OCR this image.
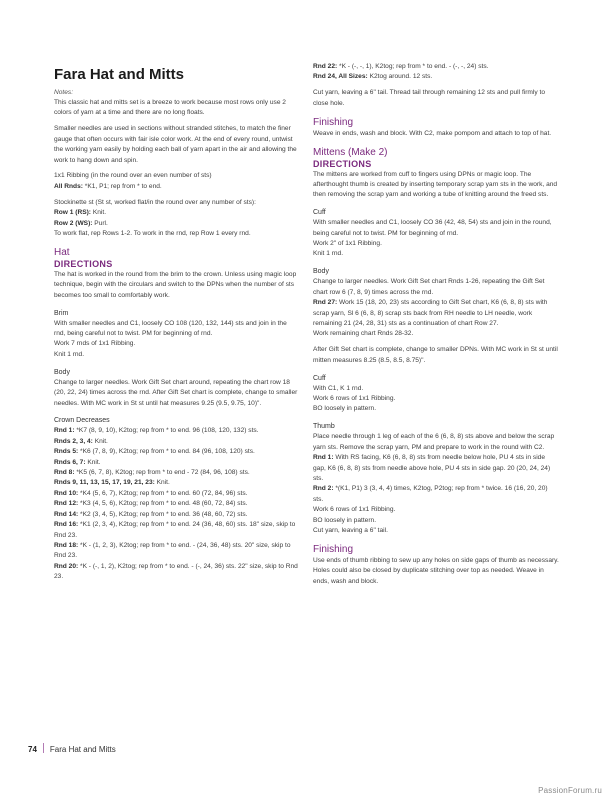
Fara Hat and Mitts
Notes:

This classic hat and mitts set is a breeze to work because most rows only use 2 colors of yarn at a time and there are no long floats.

Smaller needles are used in sections without stranded stitches, to match the finer gauge that often occurs with fair isle color work. At the end of every round, untwist the working yarn easily by holding each ball of yarn apart in the air and allowing the work to hang down and spin.

1x1 Ribbing (in the round over an even number of sts)

All Rnds: *K1, P1; rep from * to end.

Stockinette st (St st, worked flat/in the round over any number of sts):

Row 1 (RS): Knit.

Row 2 (WS): Purl.

To work flat, rep Rows 1-2. To work in the rnd, rep Row 1 every rnd.

Hat
DIRECTIONS

The hat is worked in the round from the brim to the crown. Unless using magic loop technique, begin with the circulars and switch to the DPNs when the number of sts becomes too small to comfortably work.

Brim

With smaller needles and C1, loosely CO 108 (120, 132, 144) sts and join in the rnd, being careful not to twist. PM for beginning of rnd.

Work 7 rnds of 1x1 Ribbing.

Knit 1 rnd.

Body

Change to larger needles. Work Gift Set chart around, repeating the chart row 18 (20, 22, 24) times across the rnd. After Gift Set chart is complete, change to smaller needles. With MC work in St st until hat measures 9.25 (9.5, 9.75, 10)".

Crown Decreases

Rnd 1: *K7 (8, 9, 10), K2tog; rep from * to end. 96 (108, 120, 132) sts.

Rnds 2, 3, 4: Knit.

Rnds 5: *K6 (7, 8, 9), K2tog; rep from * to end. 84 (96, 108, 120) sts.

Rnds 6, 7: Knit.

Rnd 8: *K5 (6, 7, 8), K2tog; rep from * to end - 72 (84, 96, 108) sts.

Rnds 9, 11, 13, 15, 17, 19, 21, 23: Knit.

Rnd 10: *K4 (5, 6, 7), K2tog; rep from * to end. 60 (72, 84, 96) sts.

Rnd 12: *K3 (4, 5, 6), K2tog; rep from * to end. 48 (60, 72, 84) sts.

Rnd 14: *K2 (3, 4, 5), K2tog; rep from * to end. 36 (48, 60, 72) sts.

Rnd 16: *K1 (2, 3, 4), K2tog; rep from * to end. 24 (36, 48, 60) sts. 18" size, skip to Rnd 23.

Rnd 18: *K - (1, 2, 3), K2tog; rep from * to end. - (24, 36, 48) sts. 20" size, skip to Rnd 23.

Rnd 20: *K - (-, 1, 2), K2tog; rep from * to end. - (-, 24, 36) sts. 22" size, skip to Rnd 23.

Rnd 22: *K - (-, -, 1), K2tog; rep from * to end. - (-, -, 24) sts.

Rnd 24, All Sizes: K2tog around. 12 sts.

Cut yarn, leaving a 6" tail. Thread tail through remaining 12 sts and pull firmly to close hole.

Finishing

Weave in ends, wash and block. With C2, make pompom and attach to top of hat.

Mittens (Make 2)
DIRECTIONS

The mittens are worked from cuff to fingers using DPNs or magic loop. The afterthought thumb is created by inserting temporary scrap yarn sts in the work, and then removing the scrap yarn and working a tube of knitting around the freed sts.

Cuff

With smaller needles and C1, loosely CO 36 (42, 48, 54) sts and join in the round, being careful not to twist. PM for beginning of rnd.

Work 2" of 1x1 Ribbing.

Knit 1 rnd.

Body

Change to larger needles. Work Gift Set chart Rnds 1-26, repeating the Gift Set chart row 6 (7, 8, 9) times across the rnd.

Rnd 27: Work 15 (18, 20, 23) sts according to Gift Set chart, K6 (6, 8, 8) sts with scrap yarn, Sl 6 (6, 8, 8) scrap sts back from RH needle to LH needle, work remaining 21 (24, 28, 31) sts as a continuation of chart Row 27.

Work remaining chart Rnds 28-32.

After Gift Set chart is complete, change to smaller DPNs. With MC work in St st until mitten measures 8.25 (8.5, 8.5, 8.75)".

Cuff

With C1, K 1 rnd.

Work 6 rows of 1x1 Ribbing.

BO loosely in pattern.

Thumb

Place needle through 1 leg of each of the 6 (6, 8, 8) sts above and below the scrap yarn sts. Remove the scrap yarn, PM and prepare to work in the round with C2.

Rnd 1: With RS facing, K6 (6, 8, 8) sts from needle below hole, PU 4 sts in side gap, K6 (6, 8, 8) sts from needle above hole, PU 4 sts in side gap. 20 (20, 24, 24) sts.

Rnd 2: *(K1, P1) 3 (3, 4, 4) times, K2tog, P2tog; rep from * twice. 16 (16, 20, 20) sts.

Work 6 rows of 1x1 Ribbing.

BO loosely in pattern.

Cut yarn, leaving a 6" tail.

Finishing

Use ends of thumb ribbing to sew up any holes on side gaps of thumb as necessary. Holes could also be closed by duplicate stitching over top as needed. Weave in ends, wash and block.

74 Fara Hat and Mitts
PassionForum.ru
